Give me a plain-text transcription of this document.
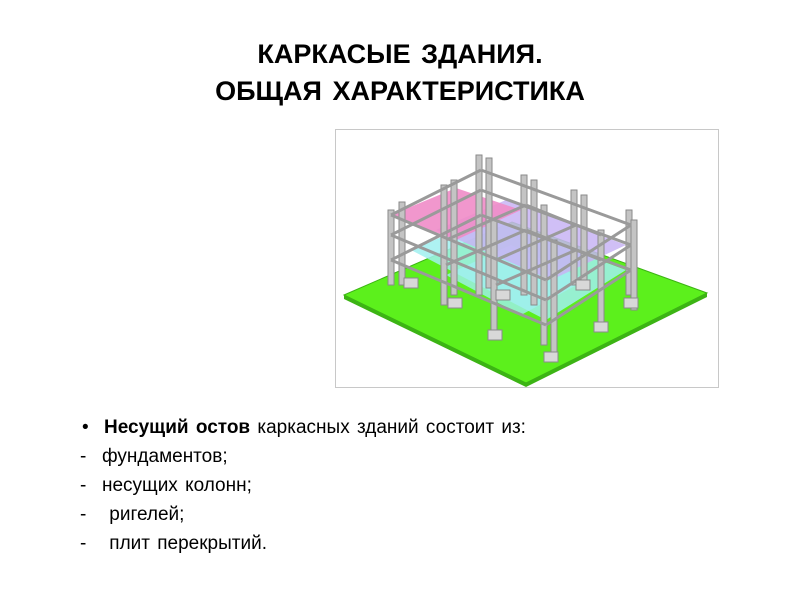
КАРКАСЫЕ ЗДАНИЯ.
ОБЩАЯ ХАРАКТЕРИСТИКА
• Несущий остов каркасных зданий состоит из:
- фундаментов;
- несущих колонн;
- ригелей;
- плит перекрытий.
